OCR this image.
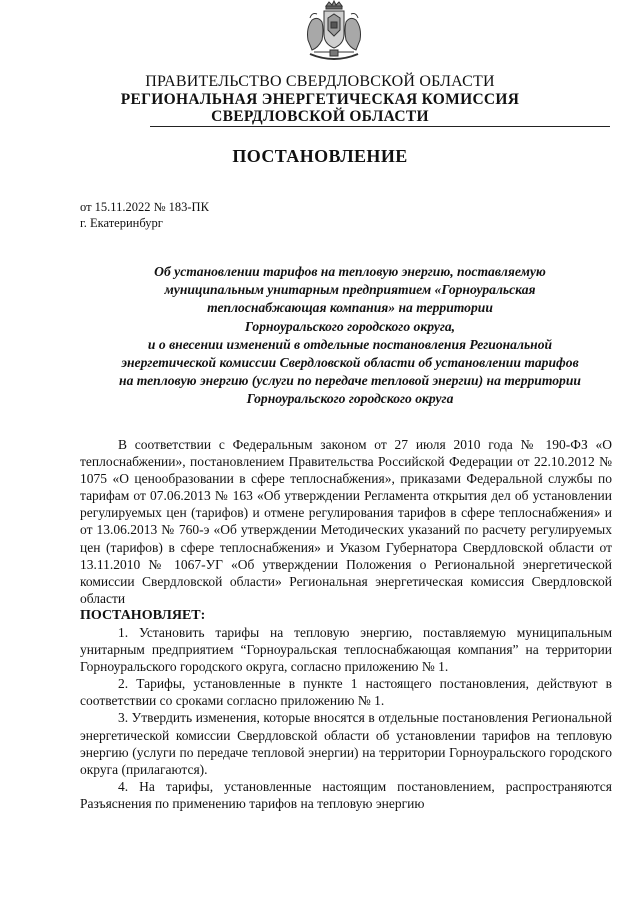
ПРАВИТЕЛЬСТВО СВЕРДЛОВСКОЙ ОБЛАСТИ
РЕГИОНАЛЬНАЯ ЭНЕРГЕТИЧЕСКАЯ КОМИССИЯ
СВЕРДЛОВСКОЙ ОБЛАСТИ
ПОСТАНОВЛЕНИЕ
от 15.11.2022 № 183-ПК
г. Екатеринбург
Об установлении тарифов на тепловую энергию, поставляемую
муниципальным унитарным предприятием «Горноуральская
теплоснабжающая компания» на территории
Горноуральского городского округа,
и о внесении изменений в отдельные постановления Региональной
энергетической комиссии Свердловской области об установлении тарифов
на тепловую энергию (услуги по передаче тепловой энергии) на территории
Горноуральского городского округа

В соответствии с Федеральным законом от 27 июля 2010 года № 190-ФЗ «О теплоснабжении», постановлением Правительства Российской Федерации от 22.10.2012 № 1075 «О ценообразовании в сфере теплоснабжения», приказами Федеральной службы по тарифам от 07.06.2013 № 163 «Об утверждении Регламента открытия дел об установлении регулируемых цен (тарифов) и отмене регулирования тарифов в сфере теплоснабжения» и от 13.06.2013 № 760-э «Об утверждении Методических указаний по расчету регулируемых цен (тарифов) в сфере теплоснабжения» и Указом Губернатора Свердловской области от 13.11.2010 № 1067-УГ «Об утверждении Положения о Региональной энергетической комиссии Свердловской области» Региональная энергетическая комиссия Свердловской области

ПОСТАНОВЛЯЕТ:

1. Установить тарифы на тепловую энергию, поставляемую муниципальным унитарным предприятием “Горноуральская теплоснабжающая компания” на территории Горноуральского городского округа, согласно приложению № 1.

2. Тарифы, установленные в пункте 1 настоящего постановления, действуют в соответствии со сроками согласно приложению № 1.

3. Утвердить изменения, которые вносятся в отдельные постановления Региональной энергетической комиссии Свердловской области об установлении тарифов на тепловую энергию (услуги по передаче тепловой энергии) на территории Горноуральского городского округа (прилагаются).

4. На тарифы, установленные настоящим постановлением, распространяются Разъяснения по применению тарифов на тепловую энергию
